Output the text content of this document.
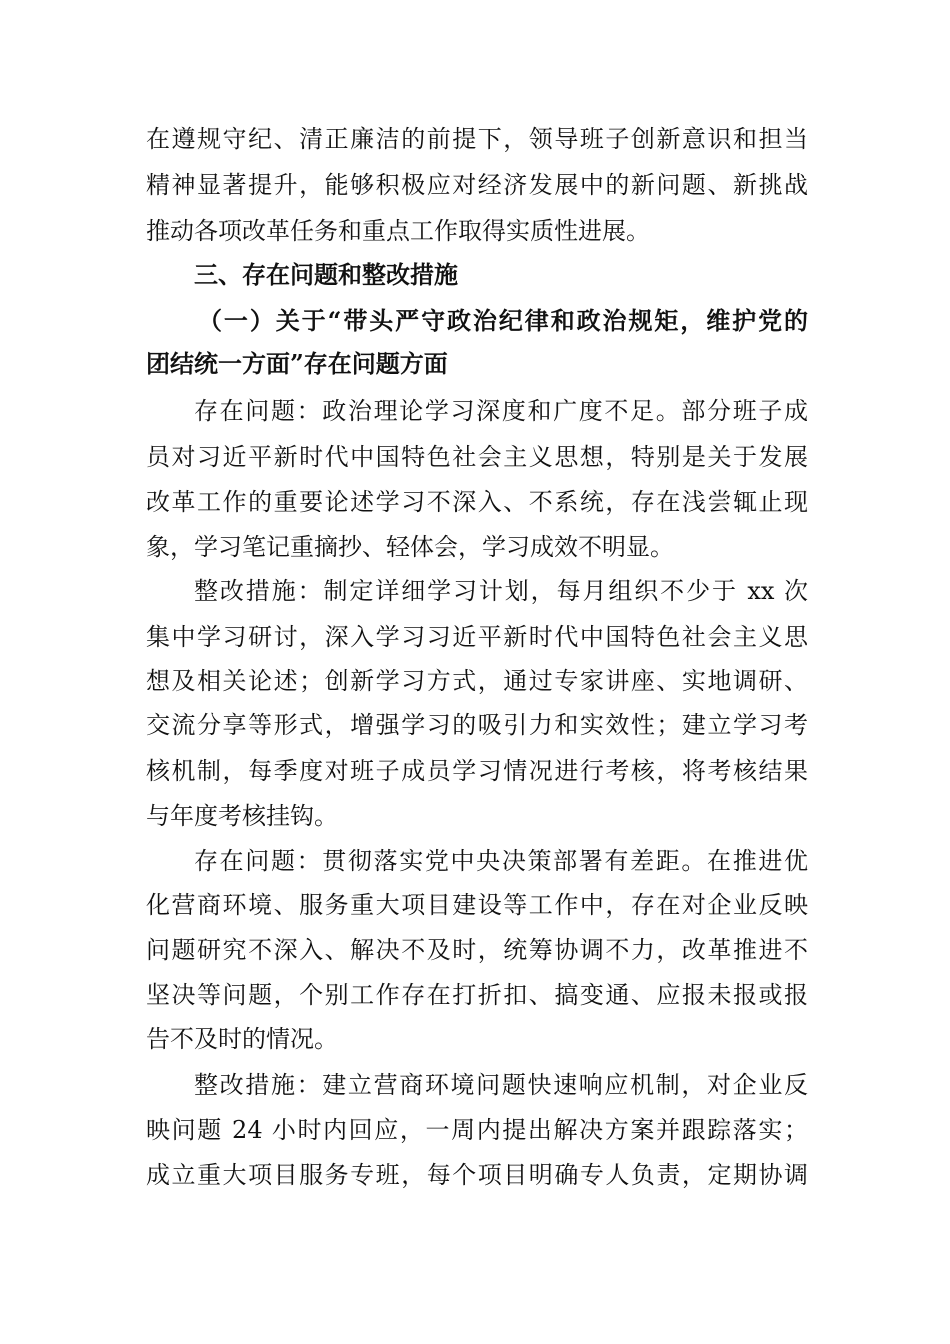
在遵规守纪、清正廉洁的前提下，领导班子创新意识和担当
精神显著提升，能够积极应对经济发展中的新问题、新挑战
推动各项改革任务和重点工作取得实质性进展。
三、存在问题和整改措施
（一）关于“带头严守政治纪律和政治规矩，维护党的
团结统一方面”存在问题方面
存在问题：政治理论学习深度和广度不足。部分班子成
员对习近平新时代中国特色社会主义思想，特别是关于发展
改革工作的重要论述学习不深入、不系统，存在浅尝辄止现
象，学习笔记重摘抄、轻体会，学习成效不明显。
整改措施：制定详细学习计划，每月组织不少于 xx 次
集中学习研讨，深入学习习近平新时代中国特色社会主义思
想及相关论述；创新学习方式，通过专家讲座、实地调研、
交流分享等形式，增强学习的吸引力和实效性；建立学习考
核机制，每季度对班子成员学习情况进行考核，将考核结果
与年度考核挂钩。
存在问题：贯彻落实党中央决策部署有差距。在推进优
化营商环境、服务重大项目建设等工作中，存在对企业反映
问题研究不深入、解决不及时，统筹协调不力，改革推进不
坚决等问题，个别工作存在打折扣、搞变通、应报未报或报
告不及时的情况。
整改措施：建立营商环境问题快速响应机制，对企业反
映问题 24 小时内回应，一周内提出解决方案并跟踪落实；
成立重大项目服务专班，每个项目明确专人负责，定期协调
